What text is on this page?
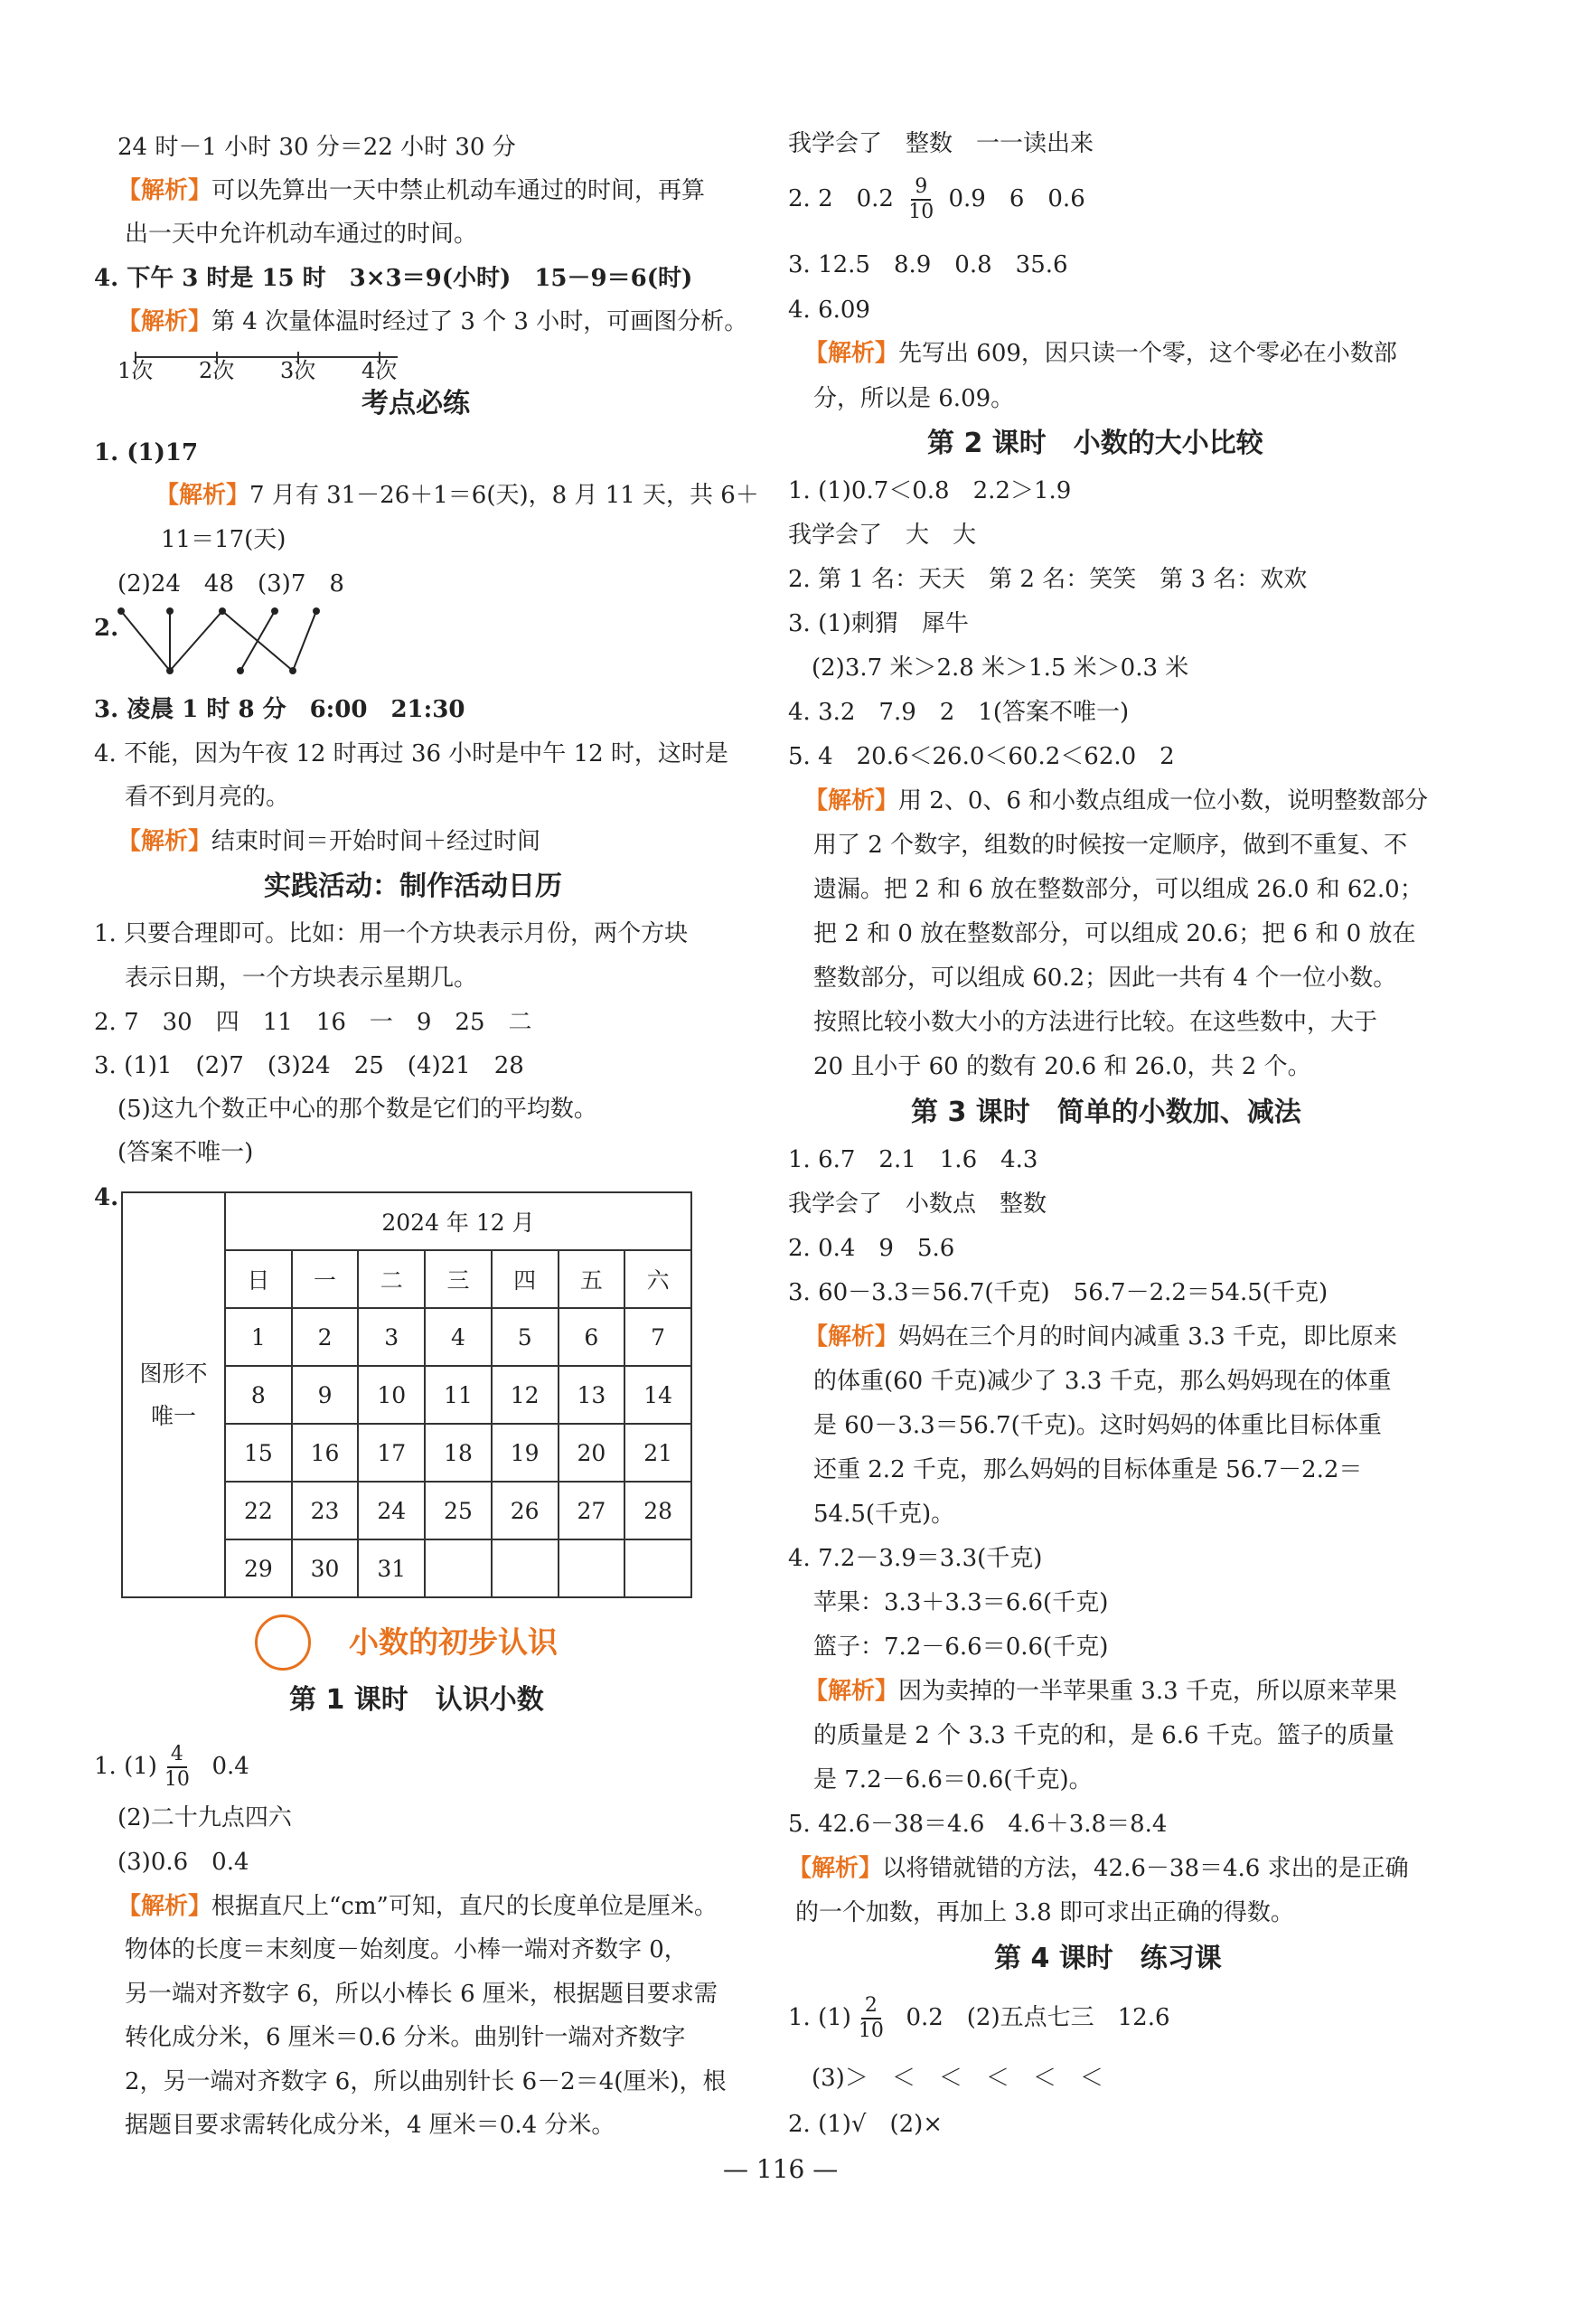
24 时－1 小时 30 分＝22 小时 30 分
【解析】可以先算出一天中禁止机动车通过的时间，再算
出一天中允许机动车通过的时间。
4. 下午 3 时是 15 时　3×3＝9(小时)　15－9＝6(时)
【解析】第 4 次量体温时经过了 3 个 3 小时，可画图分析。
1次 2次 3次 4次
考点必练
1. (1)17
【解析】7 月有 31－26＋1＝6(天)，8 月 11 天，共 6＋
11＝17(天)
(2)24　48　(3)7　8
2.
3. 凌晨 1 时 8 分　6:00　21:30
4. 不能，因为午夜 12 时再过 36 小时是中午 12 时，这时是
看不到月亮的。
【解析】结束时间＝开始时间＋经过时间
实践活动：制作活动日历
1. 只要合理即可。比如：用一个方块表示月份，两个方块
表示日期，一个方块表示星期几。
2. 7　30　四　11　16　一　9　25　二
3. (1)1　(2)7　(3)24　25　(4)21　28
(5)这九个数正中心的那个数是它们的平均数。
(答案不唯一)
4.
图形不
唯一	2024 年 12 月						
	日	一	二	三	四	五	六
	1	2	3	4	5	6	7
	8	9	10	11	12	13	14
	15	16	17	18	19	20	21
	22	23	24	25	26	27	28
	29	30	31				
小数的初步认识
第 1 课时　认识小数
1. $(1) \frac{4}{10} 0.4$
(2)二十九点四六
(3)0.6　0.4
【解析】根据直尺上“cm”可知，直尺的长度单位是厘米。
物体的长度＝末刻度－始刻度。小棒一端对齐数字 0，
另一端对齐数字 6，所以小棒长 6 厘米，根据题目要求需
转化成分米，6 厘米＝0.6 分米。曲别针一端对齐数字
2，另一端对齐数字 6，所以曲别针长 6－2＝4(厘米)，根
据题目要求需转化成分米，4 厘米＝0.4 分米。
我学会了　整数　一一读出来
2. 2　$0.2 \frac{9}{10} 0.9$　6　0.6
3. 12.5　8.9　0.8　35.6
4. 6.09
【解析】先写出 609，因只读一个零，这个零必在小数部
分，所以是 6.09。
第 2 课时　小数的大小比较
1. (1)0.7＜0.8　2.2＞1.9
我学会了　大　大
2. 第 1 名：天天　第 2 名：笑笑　第 3 名：欢欢
3. (1)刺猬　犀牛
(2)3.7 米＞2.8 米＞1.5 米＞0.3 米
4. 3.2　7.9　2　1(答案不唯一)
5. 4　20.6＜26.0＜60.2＜62.0　2
【解析】用 2、0、6 和小数点组成一位小数，说明整数部分
用了 2 个数字，组数的时候按一定顺序，做到不重复、不
遗漏。把 2 和 6 放在整数部分，可以组成 26.0 和 62.0；
把 2 和 0 放在整数部分，可以组成 20.6；把 6 和 0 放在
整数部分，可以组成 60.2；因此一共有 4 个一位小数。
按照比较小数大小的方法进行比较。在这些数中，大于
20 且小于 60 的数有 20.6 和 26.0，共 2 个。
第 3 课时　简单的小数加、减法
1. 6.7　2.1　1.6　4.3
我学会了　小数点　整数
2. 0.4　9　5.6
3. 60－3.3＝56.7(千克)　56.7－2.2＝54.5(千克)
【解析】妈妈在三个月的时间内减重 3.3 千克，即比原来
的体重(60 千克)减少了 3.3 千克，那么妈妈现在的体重
是 60－3.3＝56.7(千克)。这时妈妈的体重比目标体重
还重 2.2 千克，那么妈妈的目标体重是 56.7－2.2＝
54.5(千克)。
4. 7.2－3.9＝3.3(千克)
苹果：3.3＋3.3＝6.6(千克)
篮子：7.2－6.6＝0.6(千克)
【解析】因为卖掉的一半苹果重 3.3 千克，所以原来苹果
的质量是 2 个 3.3 千克的和，是 6.6 千克。篮子的质量
是 7.2－6.6＝0.6(千克)。
5. 42.6－38＝4.6　4.6＋3.8＝8.4
【解析】以将错就错的方法，42.6－38＝4.6 求出的是正确
的一个加数，再加上 3.8 即可求出正确的得数。
第 4 课时　练习课
1. $(1) \frac{2}{10} 0.2$　(2)五点七三　12.6
(3)＞　＜　＜　＜　＜　＜
2. (1)√　(2)×
— 116 —
